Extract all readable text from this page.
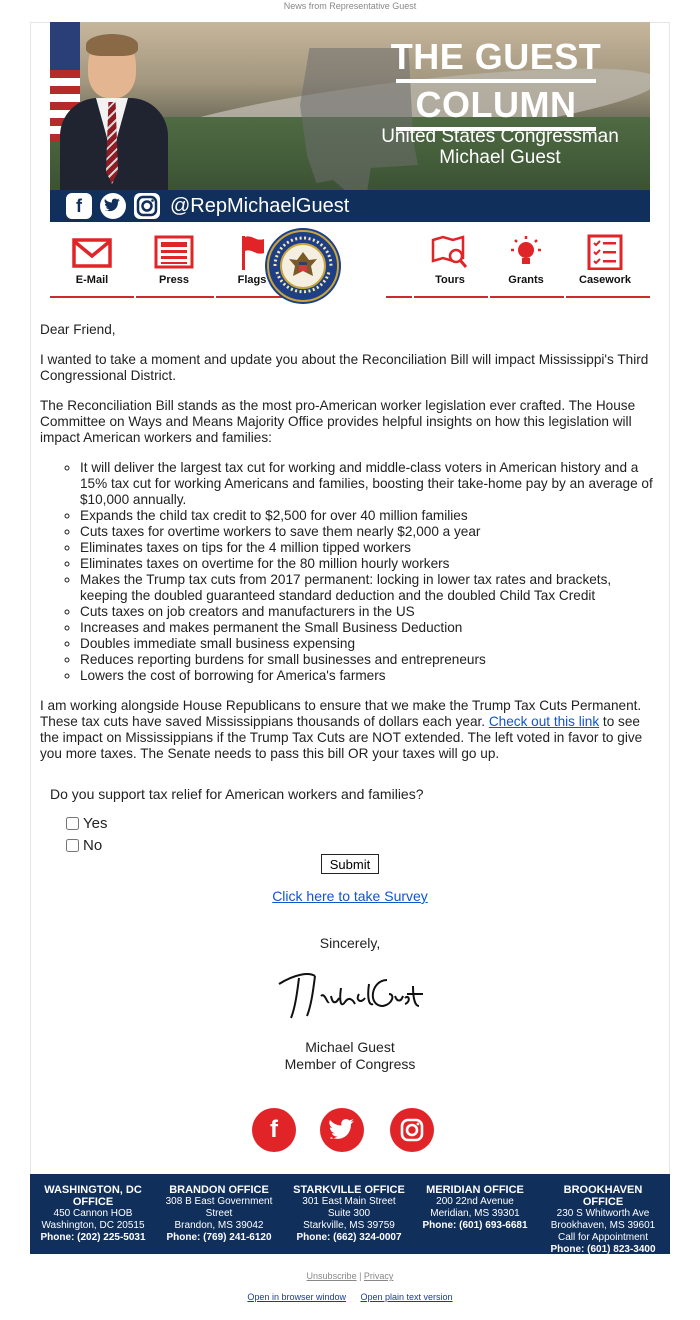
News from Representative Guest
THE GUEST
COLUMN
United States Congressman
Michael Guest
f	@RepMichaelGuest
E-Mail	Press	Flags	Tours	Grants	Casework

Dear Friend,

I wanted to take a moment and update you about the Reconciliation Bill will impact Mississippi's Third Congressional District.

The Reconciliation Bill stands as the most pro-American worker legislation ever crafted. The House Committee on Ways and Means Majority Office provides helpful insights on how this legislation will impact American workers and families:

◦ It will deliver the largest tax cut for working and middle-class voters in American history and a 15% tax cut for working Americans and families, boosting their take-home pay by an average of $10,000 annually.
◦ Expands the child tax credit to $2,500 for over 40 million families
◦ Cuts taxes for overtime workers to save them nearly $2,000 a year
◦ Eliminates taxes on tips for the 4 million tipped workers
◦ Eliminates taxes on overtime for the 80 million hourly workers
◦ Makes the Trump tax cuts from 2017 permanent: locking in lower tax rates and brackets, keeping the doubled guaranteed standard deduction and the doubled Child Tax Credit
◦ Cuts taxes on job creators and manufacturers in the US
◦ Increases and makes permanent the Small Business Deduction
◦ Doubles immediate small business expensing
◦ Reduces reporting burdens for small businesses and entrepreneurs
◦ Lowers the cost of borrowing for America's farmers

I am working alongside House Republicans to ensure that we make the Trump Tax Cuts Permanent. These tax cuts have saved Mississippians thousands of dollars each year. Check out this link to see the impact on Mississippians if the Trump Tax Cuts are NOT extended. The left voted in favor to give you more taxes. The Senate needs to pass this bill OR your taxes will go up.

Do you support tax relief for American workers and families?
Yes
No
Submit
Click here to take Survey
Sincerely,
Michael Guest
Member of Congress
f
WASHINGTON, DC OFFICE
450 Cannon HOB
Washington, DC 20515
Phone: (202) 225-5031
BRANDON OFFICE
308 B East Government Street
Brandon, MS 39042
Phone: (769) 241-6120
STARKVILLE OFFICE
301 East Main Street Suite 300
Starkville, MS 39759
Phone: (662) 324-0007
MERIDIAN OFFICE
200 22nd Avenue
Meridian, MS 39301
Phone: (601) 693-6681
BROOKHAVEN OFFICE
230 S Whitworth Ave
Brookhaven, MS 39601
Call for Appointment
Phone: (601) 823-3400
Unsubscribe | Privacy
Open in browser window Open plain text version
